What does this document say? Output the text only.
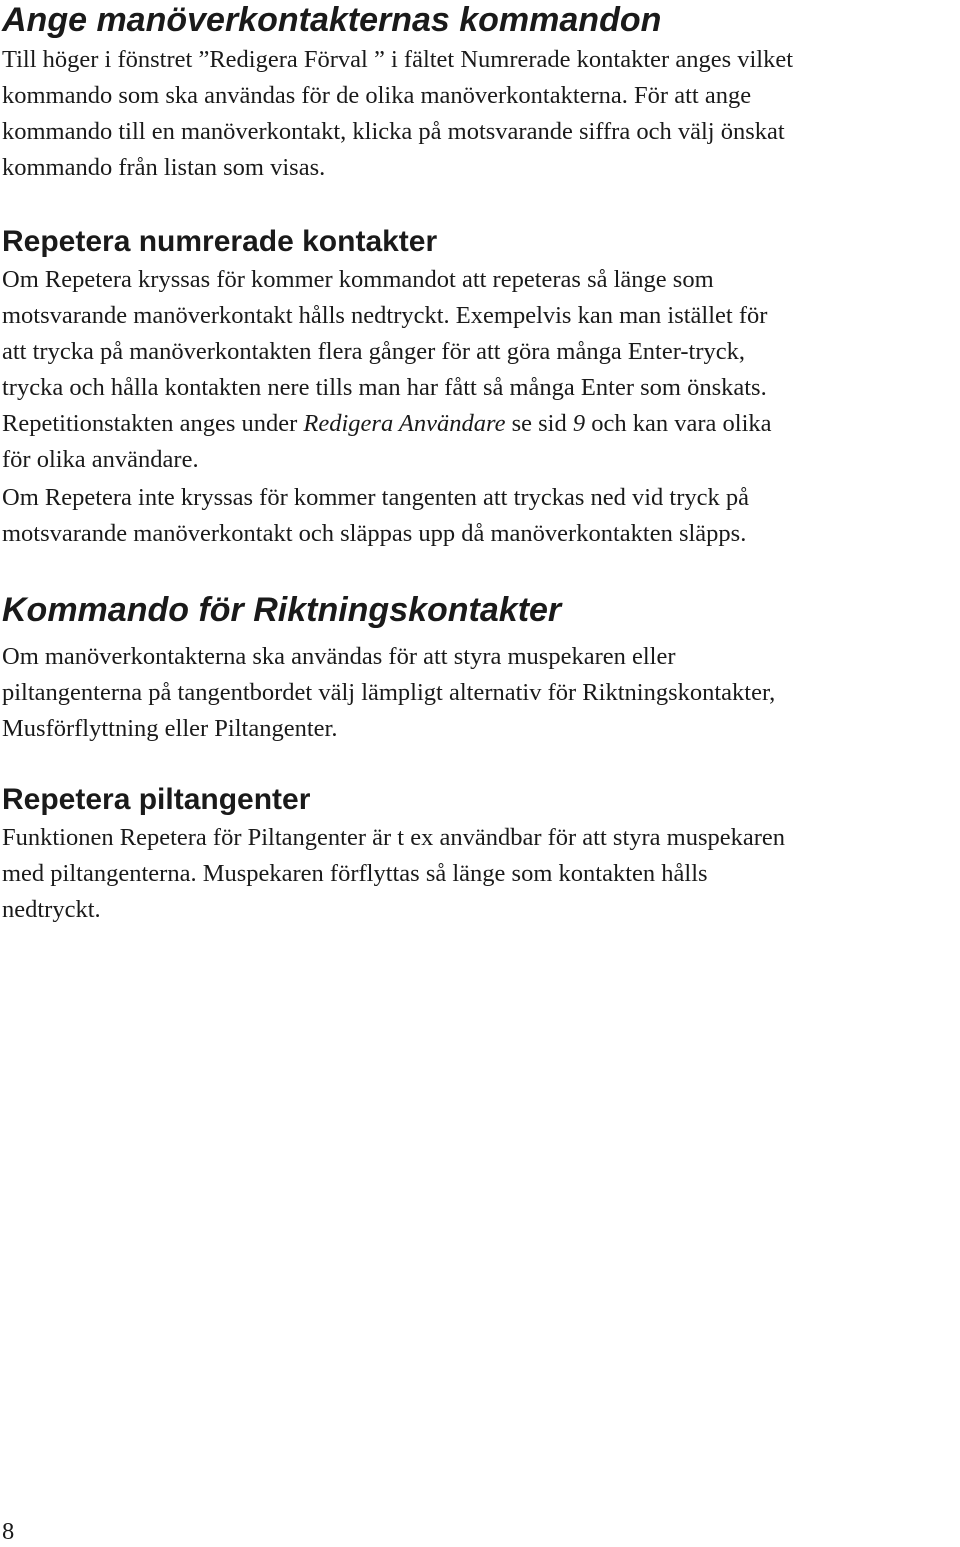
Ange manöverkontakternas kommandon

Till höger i fönstret ”Redigera Förval ” i fältet Numrerade kontakter anges vilket
kommando som ska användas för de olika manöverkontakterna. För att ange
kommando till en manöverkontakt, klicka på motsvarande siffra och välj önskat
kommando från listan som visas.

Repetera numrerade kontakter

Om Repetera kryssas för kommer kommandot att repeteras så länge som
motsvarande manöverkontakt hålls nedtryckt. Exempelvis kan man istället för
att trycka på manöverkontakten flera gånger för att göra många Enter-tryck,
trycka och hålla kontakten nere tills man har fått så många Enter som önskats.
Repetitionstakten anges under Redigera Användare se sid 9 och kan vara olika
för olika användare.

Om Repetera inte kryssas för kommer tangenten att tryckas ned vid tryck på
motsvarande manöverkontakt och släppas upp då manöverkontakten släpps.

Kommando för Riktningskontakter

Om manöverkontakterna ska användas för att styra muspekaren eller
piltangenterna på tangentbordet välj lämpligt alternativ för Riktningskontakter,
Musförflyttning eller Piltangenter.

Repetera piltangenter

Funktionen Repetera för Piltangenter är t ex användbar för att styra muspekaren
med piltangenterna. Muspekaren förflyttas så länge som kontakten hålls
nedtryckt.

8
